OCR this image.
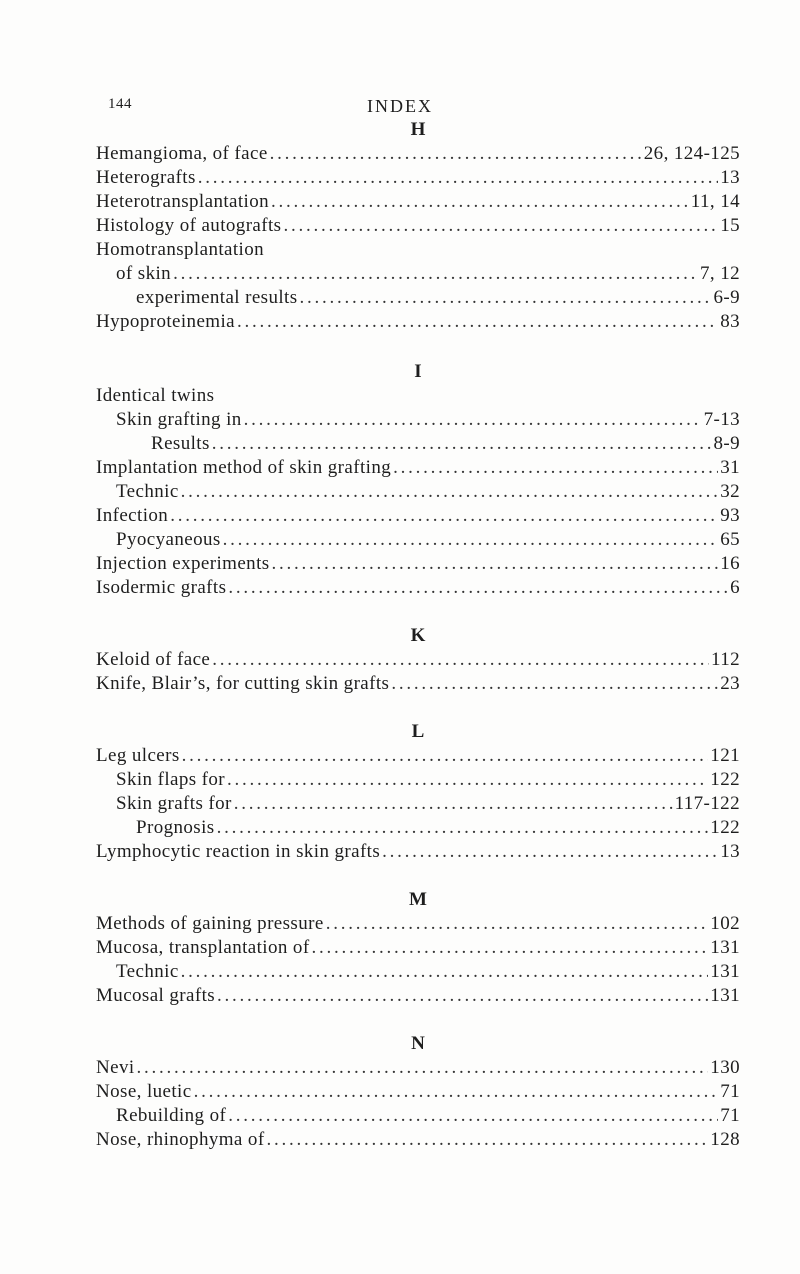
144	INDEX
H
Hemangioma, of face . . .	26, 124-125
Heterografts . . .	13
Heterotransplantation . . .	11, 14
Histology of autografts . . .	15
Homotransplantation
of skin . . .	7, 12
experimental results . . .	6-9
Hypoproteinemia . . .	83
I
Identical twins
Skin grafting in . . .	7-13
Results . . .	8-9
Implantation method of skin grafting . . .	31
Technic . . .	32
Infection . . .	93
Pyocyaneous . . .	65
Injection experiments . . .	16
Isodermic grafts . . .	6
K
Keloid of face . . .	112
Knife, Blair’s, for cutting skin grafts . . .	23
L
Leg ulcers . . .	121
Skin flaps for . . .	122
Skin grafts for . . .	117-122
Prognosis . . .	122
Lymphocytic reaction in skin grafts . . .	13
M
Methods of gaining pressure . . .	102
Mucosa, transplantation of . . .	131
Technic . . .	131
Mucosal grafts . . .	131
N
Nevi . . .	130
Nose, luetic . . .	71
Rebuilding of . . .	71
Nose, rhinophyma of . . .	128
